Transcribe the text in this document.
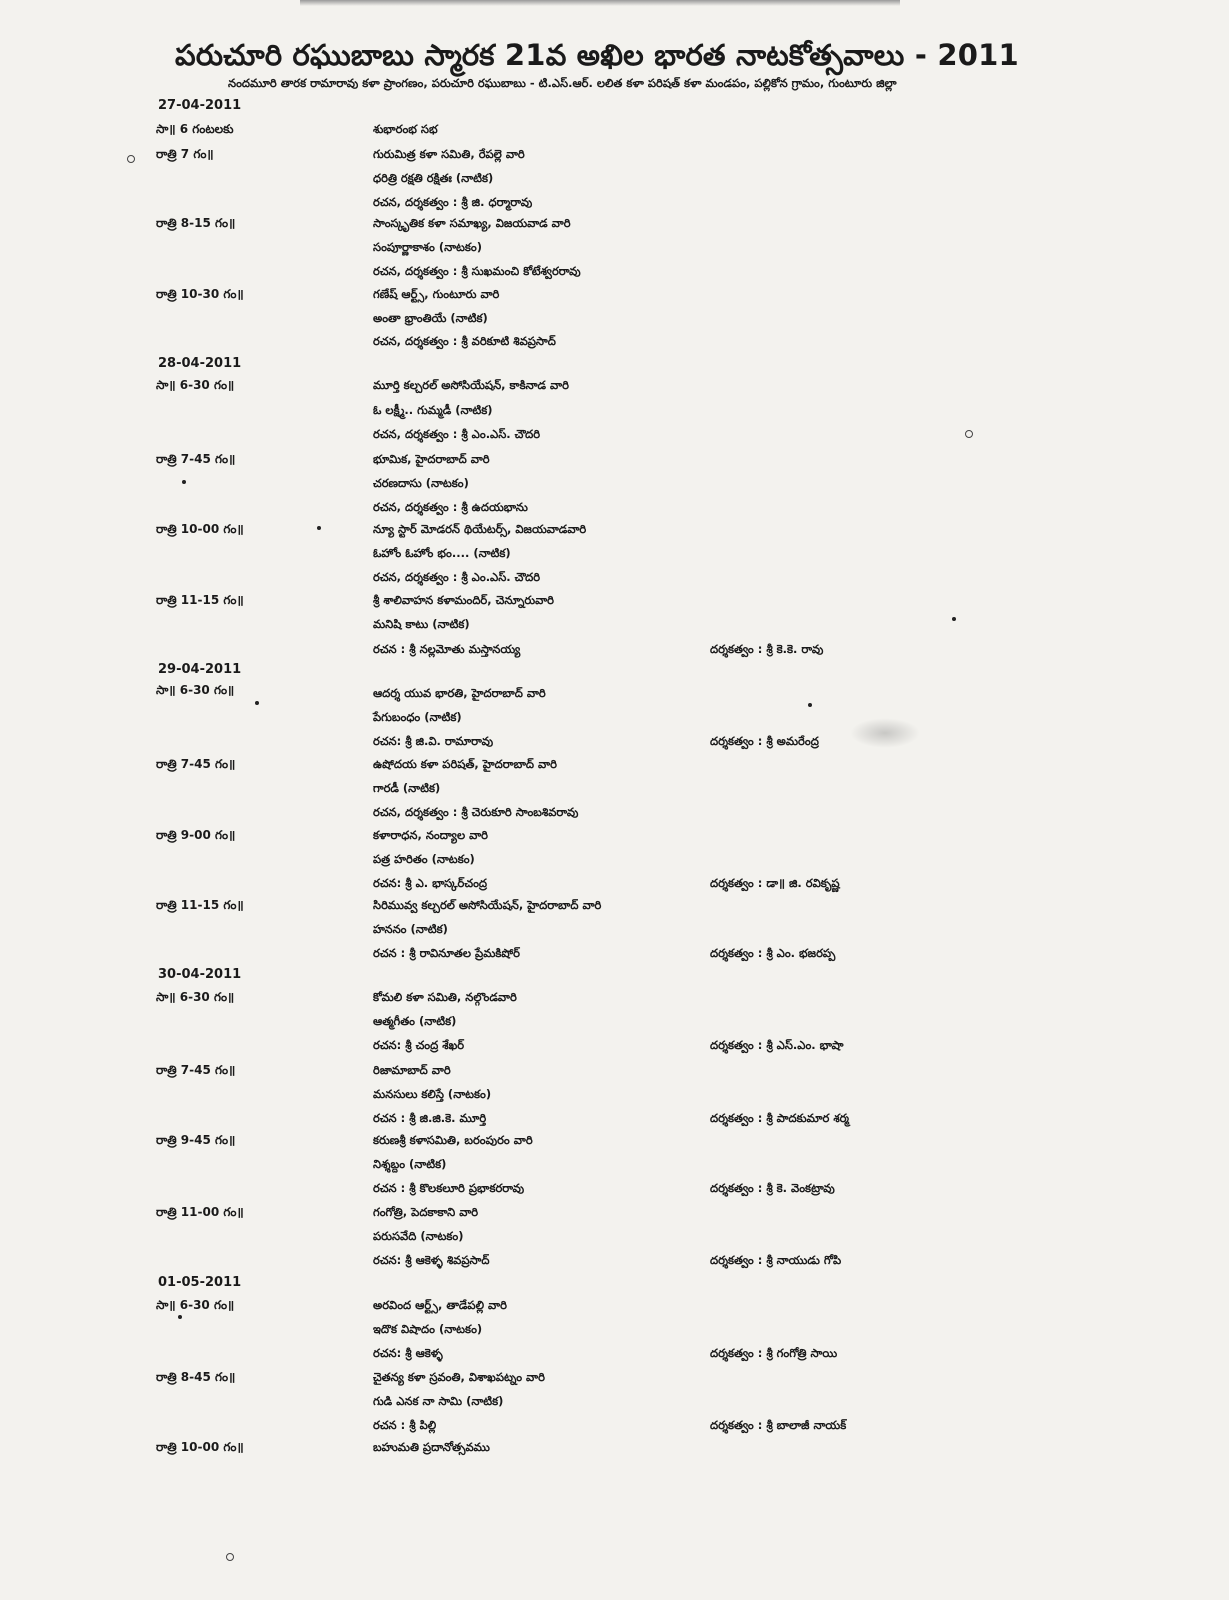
పరుచూరి రఘుబాబు స్మారక 21వ అఖిల భారత నాటకోత్సవాలు - 2011
నందమూరి తారక రామారావు కళా ప్రాంగణం, పరుచూరి రఘుబాబు - టి.ఎస్.ఆర్. లలిత కళా పరిషత్ కళా మండపం, పల్లికోన గ్రామం, గుంటూరు జిల్లా
27-04-2011
సా॥ 6 గంటలకు	శుభారంభ సభ
రాత్రి 7 గం॥	గురుమిత్ర కళా సమితి, రేపల్లె వారి
ధరిత్రి రక్షతి రక్షితః (నాటిక)
రచన, దర్శకత్వం : శ్రీ జి. ధర్మారావు
రాత్రి 8-15 గం॥	సాంస్కృతిక కళా సమాఖ్య, విజయవాడ వారి
సంపూర్ణాకాశం (నాటకం)
రచన, దర్శకత్వం : శ్రీ సుఖమంచి కోటేశ్వరరావు
రాత్రి 10-30 గం॥	గణేష్ ఆర్ట్స్, గుంటూరు వారి
అంతా భ్రాంతియే (నాటిక)
రచన, దర్శకత్వం : శ్రీ వరికూటి శివప్రసాద్
28-04-2011
సా॥ 6-30 గం॥	మూర్తి కల్చరల్ అసోసియేషన్, కాకినాడ వారి
ఓ లక్ష్మీ.. గుమ్మడీ (నాటిక)
రచన, దర్శకత్వం : శ్రీ ఎం.ఎస్. చౌదరి
రాత్రి 7-45 గం॥	భూమిక, హైదరాబాద్ వారి
చరణదాసు (నాటకం)
రచన, దర్శకత్వం : శ్రీ ఉదయభాను
రాత్రి 10-00 గం॥	న్యూ స్టార్ మోడరన్ థియేటర్స్, విజయవాడవారి
ఓహోం ఓహోం భం.... (నాటిక)
రచన, దర్శకత్వం : శ్రీ ఎం.ఎస్. చౌదరి
రాత్రి 11-15 గం॥	శ్రీ శాలివాహన కళామందిర్, చెన్నూరువారి
మనిషి కాటు (నాటిక)
రచన : శ్రీ నల్లమోతు మస్తానయ్య	దర్శకత్వం : శ్రీ కె.కె. రావు
29-04-2011
సా॥ 6-30 గం॥	ఆదర్శ యువ భారతి, హైదరాబాద్ వారి
పేగుబంధం (నాటిక)
రచన: శ్రీ జి.వి. రామారావు	దర్శకత్వం : శ్రీ అమరేంద్ర
రాత్రి 7-45 గం॥	ఉషోదయ కళా పరిషత్, హైదరాబాద్ వారి
గారడీ (నాటిక)
రచన, దర్శకత్వం : శ్రీ చెరుకూరి సాంబశివరావు
రాత్రి 9-00 గం॥	కళారాధన, నంద్యాల వారి
పత్ర హరితం (నాటకం)
రచన: శ్రీ ఎ. భాస్కర్‌చంద్ర	దర్శకత్వం : డా॥ జి. రవికృష్ణ
రాత్రి 11-15 గం॥	సిరిమువ్వ కల్చరల్ అసోసియేషన్, హైదరాబాద్ వారి
హననం (నాటిక)
రచన : శ్రీ రావినూతల ప్రేమకిషోర్	దర్శకత్వం : శ్రీ ఎం. భజరప్ప
30-04-2011
సా॥ 6-30 గం॥	కోమలి కళా సమితి, నల్గొండవారి
ఆత్మగీతం (నాటిక)
రచన: శ్రీ చంద్ర శేఖర్	దర్శకత్వం : శ్రీ ఎస్.ఎం. భాషా
రాత్రి 7-45 గం॥	రిజామాబాద్ వారి
మనసులు కలిస్తే (నాటకం)
రచన : శ్రీ జి.జి.కె. మూర్తి	దర్శకత్వం : శ్రీ పాదకుమార శర్మ
రాత్రి 9-45 గం॥	కరుణశ్రీ కళాసమితి, బరంపురం వారి
నిశ్శబ్దం (నాటిక)
రచన : శ్రీ కొలకలూరి ప్రభాకరరావు	దర్శకత్వం : శ్రీ కె. వెంకట్రావు
రాత్రి 11-00 గం॥	గంగోత్రి, పెదకాకాని వారి
పరుసవేది (నాటకం)
రచన: శ్రీ ఆకెళ్ళ శివప్రసాద్	దర్శకత్వం : శ్రీ నాయుడు గోపి
01-05-2011
సా॥ 6-30 గం॥	అరవింద ఆర్ట్స్, తాడేపల్లి వారి
ఇదొక విషాదం (నాటకం)
రచన: శ్రీ ఆకెళ్ళ	దర్శకత్వం : శ్రీ గంగోత్రి సాయి
రాత్రి 8-45 గం॥	చైతన్య కళా స్రవంతి, విశాఖపట్నం వారి
గుడి ఎనక నా సామి (నాటిక)
రచన : శ్రీ పిల్లి	దర్శకత్వం : శ్రీ బాలాజీ నాయక్
రాత్రి 10-00 గం॥	బహుమతి ప్రదానోత్సవము
